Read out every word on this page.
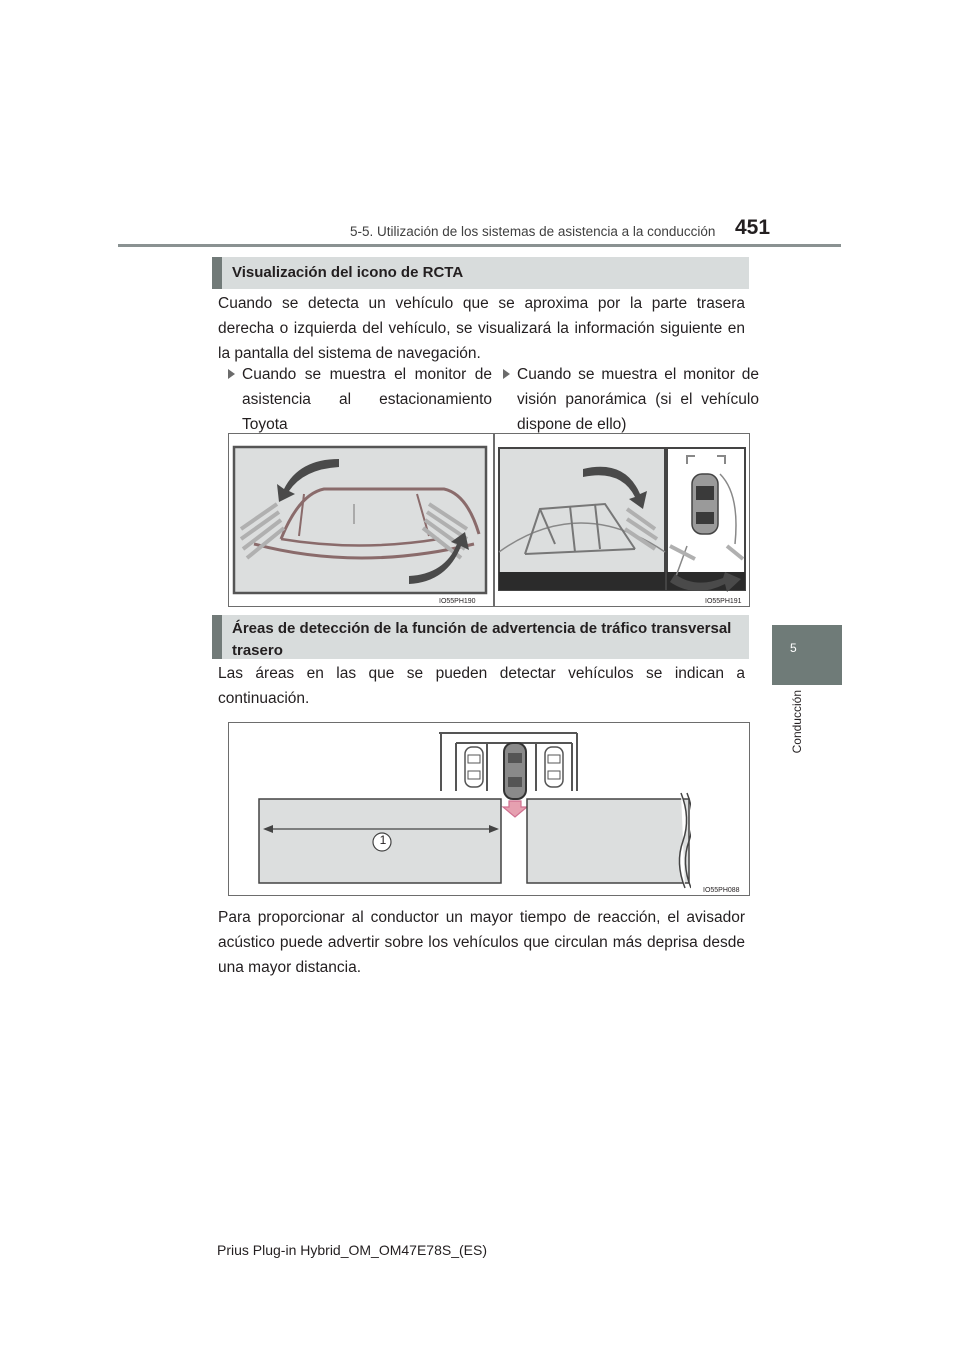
5-5. Utilización de los sistemas de asistencia a la conducción 451
5
Conducción
Visualización del icono de RCTA
Cuando se detecta un vehículo que se aproxima por la parte trasera derecha o izquierda del vehículo, se visualizará la información siguiente en la pantalla del sistema de navegación.
Cuando se muestra el monitor de asistencia al estacionamiento Toyota
Cuando se muestra el monitor de visión panorámica (si el vehículo dispone de ello)
IO55PH190	IO55PH191
Áreas de detección de la función de advertencia de tráfico transversal trasero
Las áreas en las que se pueden detectar vehículos se indican a continuación.
1
IO55PH088
Para proporcionar al conductor un mayor tiempo de reacción, el avisador acústico puede advertir sobre los vehículos que circulan más deprisa desde una mayor distancia.
Prius Plug-in Hybrid_OM_OM47E78S_(ES)
